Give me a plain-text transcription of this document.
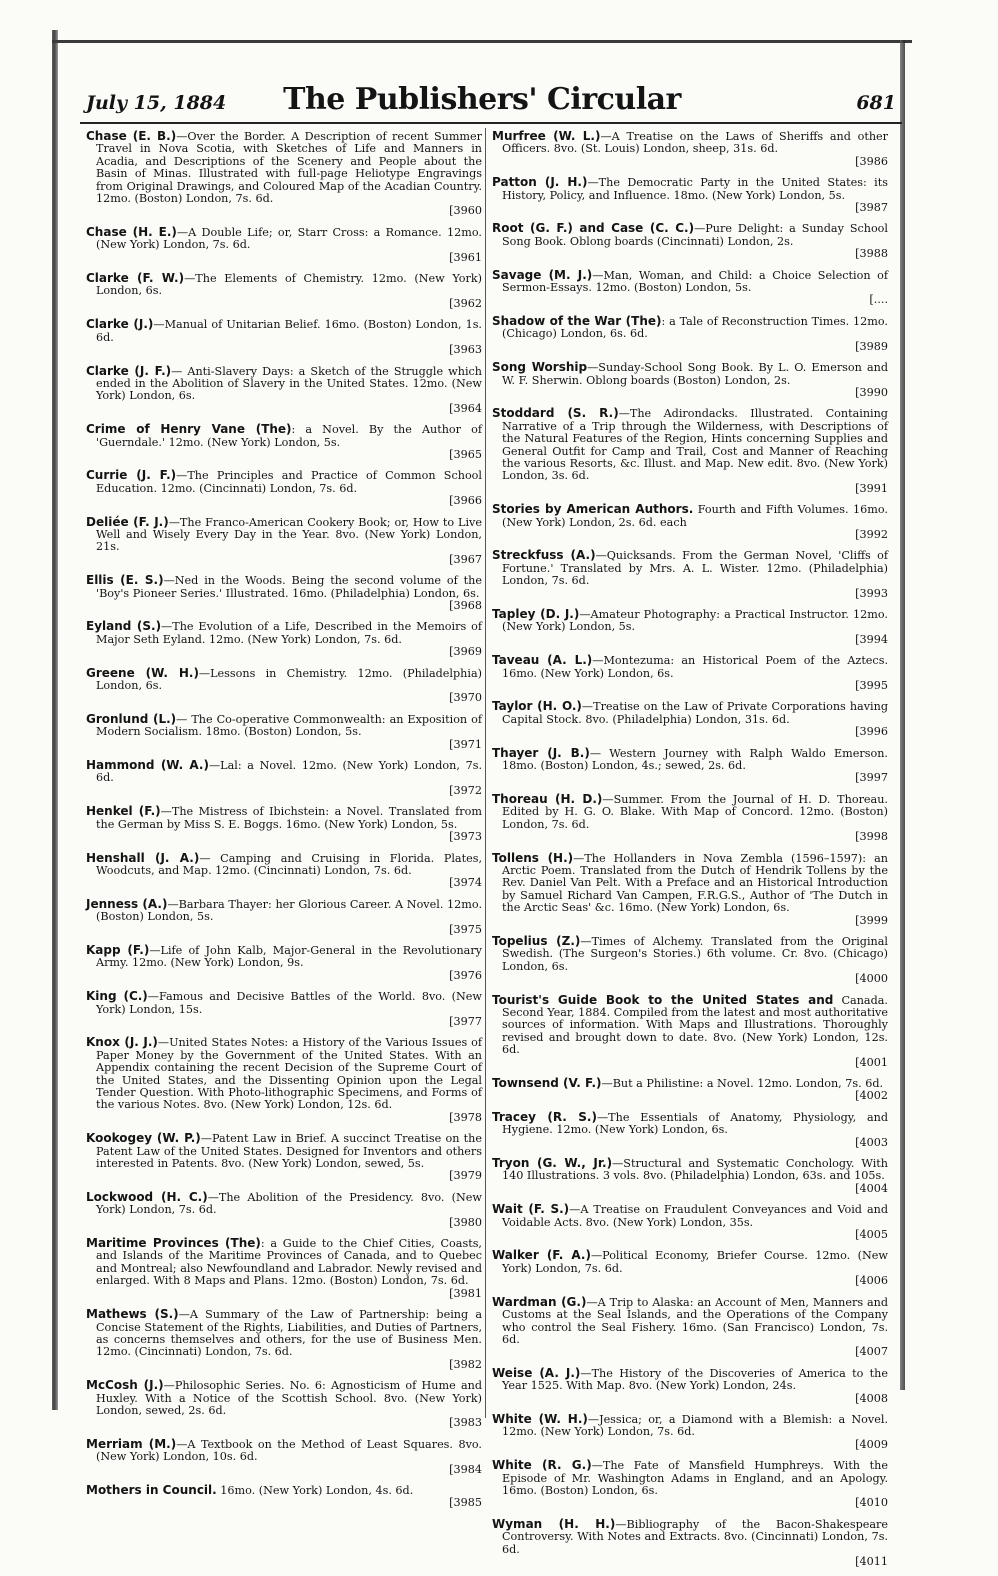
July 15, 1884	The Publishers' Circular	681
Chase (E. B.)—Over the Border. A Description of recent Summer Travel in Nova Scotia, with Sketches of Life and Manners in Acadia, and Descriptions of the Scenery and People about the Basin of Minas. Illustrated with full-page Heliotype Engravings from Original Drawings, and Coloured Map of the Acadian Country. 12mo. (Boston) London, 7s. 6d.
[3960
Chase (H. E.)—A Double Life; or, Starr Cross: a Romance. 12mo. (New York) London, 7s. 6d.
[3961
Clarke (F. W.)—The Elements of Chemistry. 12mo. (New York) London, 6s.
[3962
Clarke (J.)—Manual of Unitarian Belief. 16mo. (Boston) London, 1s. 6d.
[3963
Clarke (J. F.)— Anti-Slavery Days: a Sketch of the Struggle which ended in the Abolition of Slavery in the United States. 12mo. (New York) London, 6s.
[3964
Crime of Henry Vane (The): a Novel. By the Author of 'Guerndale.' 12mo. (New York) London, 5s.
[3965
Currie (J. F.)—The Principles and Practice of Common School Education. 12mo. (Cincinnati) London, 7s. 6d.
[3966
Deliée (F. J.)—The Franco-American Cookery Book; or, How to Live Well and Wisely Every Day in the Year. 8vo. (New York) London, 21s.
[3967
Ellis (E. S.)—Ned in the Woods. Being the second volume of the 'Boy's Pioneer Series.' Illustrated. 16mo. (Philadelphia) London, 6s.
[3968
Eyland (S.)—The Evolution of a Life, Described in the Memoirs of Major Seth Eyland. 12mo. (New York) London, 7s. 6d.
[3969
Greene (W. H.)—Lessons in Chemistry. 12mo. (Philadelphia) London, 6s.
[3970
Gronlund (L.)— The Co-operative Commonwealth: an Exposition of Modern Socialism. 18mo. (Boston) London, 5s.
[3971
Hammond (W. A.)—Lal: a Novel. 12mo. (New York) London, 7s. 6d.
[3972
Henkel (F.)—The Mistress of Ibichstein: a Novel. Translated from the German by Miss S. E. Boggs. 16mo. (New York) London, 5s.
[3973
Henshall (J. A.)— Camping and Cruising in Florida. Plates, Woodcuts, and Map. 12mo. (Cincinnati) London, 7s. 6d.
[3974
Jenness (A.)—Barbara Thayer: her Glorious Career. A Novel. 12mo. (Boston) London, 5s.
[3975
Kapp (F.)—Life of John Kalb, Major-General in the Revolutionary Army. 12mo. (New York) London, 9s.
[3976
King (C.)—Famous and Decisive Battles of the World. 8vo. (New York) London, 15s.
[3977
Knox (J. J.)—United States Notes: a History of the Various Issues of Paper Money by the Government of the United States. With an Appendix containing the recent Decision of the Supreme Court of the United States, and the Dissenting Opinion upon the Legal Tender Question. With Photo-lithographic Specimens, and Forms of the various Notes. 8vo. (New York) London, 12s. 6d.
[3978
Kookogey (W. P.)—Patent Law in Brief. A succinct Treatise on the Patent Law of the United States. Designed for Inventors and others interested in Patents. 8vo. (New York) London, sewed, 5s.
[3979
Lockwood (H. C.)—The Abolition of the Presidency. 8vo. (New York) London, 7s. 6d.
[3980
Maritime Provinces (The): a Guide to the Chief Cities, Coasts, and Islands of the Maritime Provinces of Canada, and to Quebec and Montreal; also Newfoundland and Labrador. Newly revised and enlarged. With 8 Maps and Plans. 12mo. (Boston) London, 7s. 6d.
[3981
Mathews (S.)—A Summary of the Law of Partnership: being a Concise Statement of the Rights, Liabilities, and Duties of Partners, as concerns themselves and others, for the use of Business Men. 12mo. (Cincinnati) London, 7s. 6d.
[3982
McCosh (J.)—Philosophic Series. No. 6: Agnosticism of Hume and Huxley. With a Notice of the Scottish School. 8vo. (New York) London, sewed, 2s. 6d.
[3983
Merriam (M.)—A Textbook on the Method of Least Squares. 8vo. (New York) London, 10s. 6d.
[3984
Mothers in Council. 16mo. (New York) London, 4s. 6d.
[3985
Murfree (W. L.)—A Treatise on the Laws of Sheriffs and other Officers. 8vo. (St. Louis) London, sheep, 31s. 6d.
[3986
Patton (J. H.)—The Democratic Party in the United States: its History, Policy, and Influence. 18mo. (New York) London, 5s.
[3987
Root (G. F.) and Case (C. C.)—Pure Delight: a Sunday School Song Book. Oblong boards (Cincinnati) London, 2s.
[3988
Savage (M. J.)—Man, Woman, and Child: a Choice Selection of Sermon-Essays. 12mo. (Boston) London, 5s.
[....
Shadow of the War (The): a Tale of Reconstruction Times. 12mo. (Chicago) London, 6s. 6d.
[3989
Song Worship—Sunday-School Song Book. By L. O. Emerson and W. F. Sherwin. Oblong boards (Boston) London, 2s.
[3990
Stoddard (S. R.)—The Adirondacks. Illustrated. Containing Narrative of a Trip through the Wilderness, with Descriptions of the Natural Features of the Region, Hints concerning Supplies and General Outfit for Camp and Trail, Cost and Manner of Reaching the various Resorts, &c. Illust. and Map. New edit. 8vo. (New York) London, 3s. 6d.
[3991
Stories by American Authors. Fourth and Fifth Volumes. 16mo. (New York) London, 2s. 6d. each
[3992
Streckfuss (A.)—Quicksands. From the German Novel, 'Cliffs of Fortune.' Translated by Mrs. A. L. Wister. 12mo. (Philadelphia) London, 7s. 6d.
[3993
Tapley (D. J.)—Amateur Photography: a Practical Instructor. 12mo. (New York) London, 5s.
[3994
Taveau (A. L.)—Montezuma: an Historical Poem of the Aztecs. 16mo. (New York) London, 6s.
[3995
Taylor (H. O.)—Treatise on the Law of Private Corporations having Capital Stock. 8vo. (Philadelphia) London, 31s. 6d.
[3996
Thayer (J. B.)— Western Journey with Ralph Waldo Emerson. 18mo. (Boston) London, 4s.; sewed, 2s. 6d.
[3997
Thoreau (H. D.)—Summer. From the Journal of H. D. Thoreau. Edited by H. G. O. Blake. With Map of Concord. 12mo. (Boston) London, 7s. 6d.
[3998
Tollens (H.)—The Hollanders in Nova Zembla (1596–1597): an Arctic Poem. Translated from the Dutch of Hendrik Tollens by the Rev. Daniel Van Pelt. With a Preface and an Historical Introduction by Samuel Richard Van Campen, F.R.G.S., Author of 'The Dutch in the Arctic Seas' &c. 16mo. (New York) London, 6s.
[3999
Topelius (Z.)—Times of Alchemy. Translated from the Original Swedish. (The Surgeon's Stories.) 6th volume. Cr. 8vo. (Chicago) London, 6s.
[4000
Tourist's Guide Book to the United States and Canada. Second Year, 1884. Compiled from the latest and most authoritative sources of information. With Maps and Illustrations. Thoroughly revised and brought down to date. 8vo. (New York) London, 12s. 6d.
[4001
Townsend (V. F.)—But a Philistine: a Novel. 12mo. London, 7s. 6d.
[4002
Tracey (R. S.)—The Essentials of Anatomy, Physiology, and Hygiene. 12mo. (New York) London, 6s.
[4003
Tryon (G. W., Jr.)—Structural and Systematic Conchology. With 140 Illustrations. 3 vols. 8vo. (Philadelphia) London, 63s. and 105s.
[4004
Wait (F. S.)—A Treatise on Fraudulent Conveyances and Void and Voidable Acts. 8vo. (New York) London, 35s.
[4005
Walker (F. A.)—Political Economy, Briefer Course. 12mo. (New York) London, 7s. 6d.
[4006
Wardman (G.)—A Trip to Alaska: an Account of Men, Manners and Customs at the Seal Islands, and the Operations of the Company who control the Seal Fishery. 16mo. (San Francisco) London, 7s. 6d.
[4007
Weise (A. J.)—The History of the Discoveries of America to the Year 1525. With Map. 8vo. (New York) London, 24s.
[4008
White (W. H.)—Jessica; or, a Diamond with a Blemish: a Novel. 12mo. (New York) London, 7s. 6d.
[4009
White (R. G.)—The Fate of Mansfield Humphreys. With the Episode of Mr. Washington Adams in England, and an Apology. 16mo. (Boston) London, 6s.
[4010
Wyman (H. H.)—Bibliography of the Bacon-Shakespeare Controversy. With Notes and Extracts. 8vo. (Cincinnati) London, 7s. 6d.
[4011
